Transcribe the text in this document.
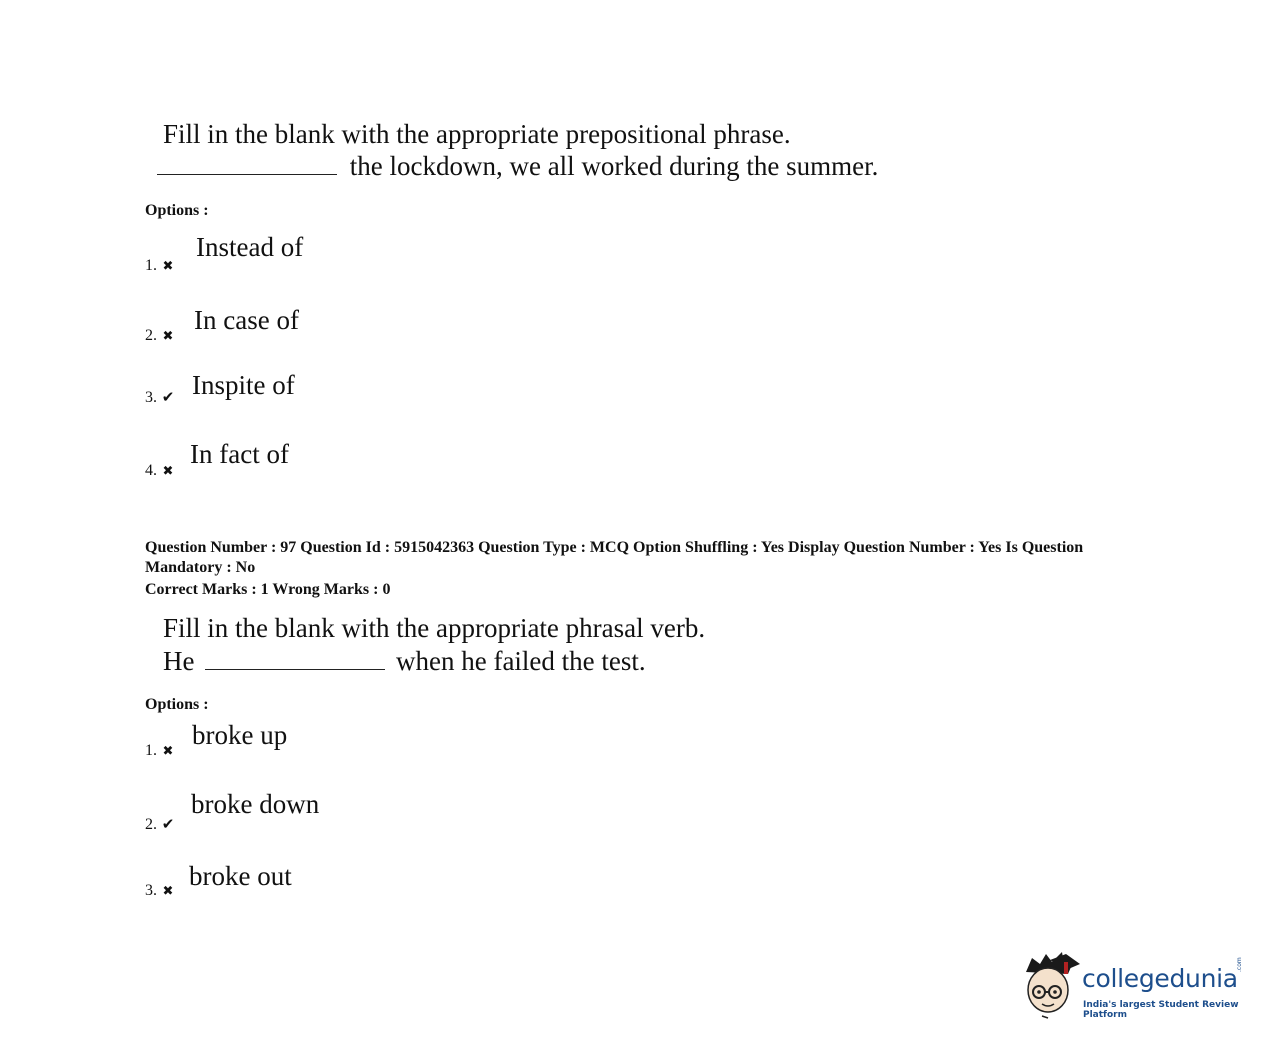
Fill in the blank with the appropriate prepositional phrase.
the lockdown, we all worked during the summer.
Options :
1. ✖
Instead of
2. ✖
In case of
3. ✔ Inspite of
4. ✖
In fact of
Question Number : 97 Question Id : 5915042363 Question Type : MCQ Option Shuffling : Yes Display Question Number : Yes Is Question Mandatory : No
Correct Marks : 1 Wrong Marks : 0
Fill in the blank with the appropriate phrasal verb.
He	when he failed the test.
Options :
1. ✖
broke up
2. ✔
broke down
3. ✖ broke out
collegedunia
.com
India's largest Student Review Platform
